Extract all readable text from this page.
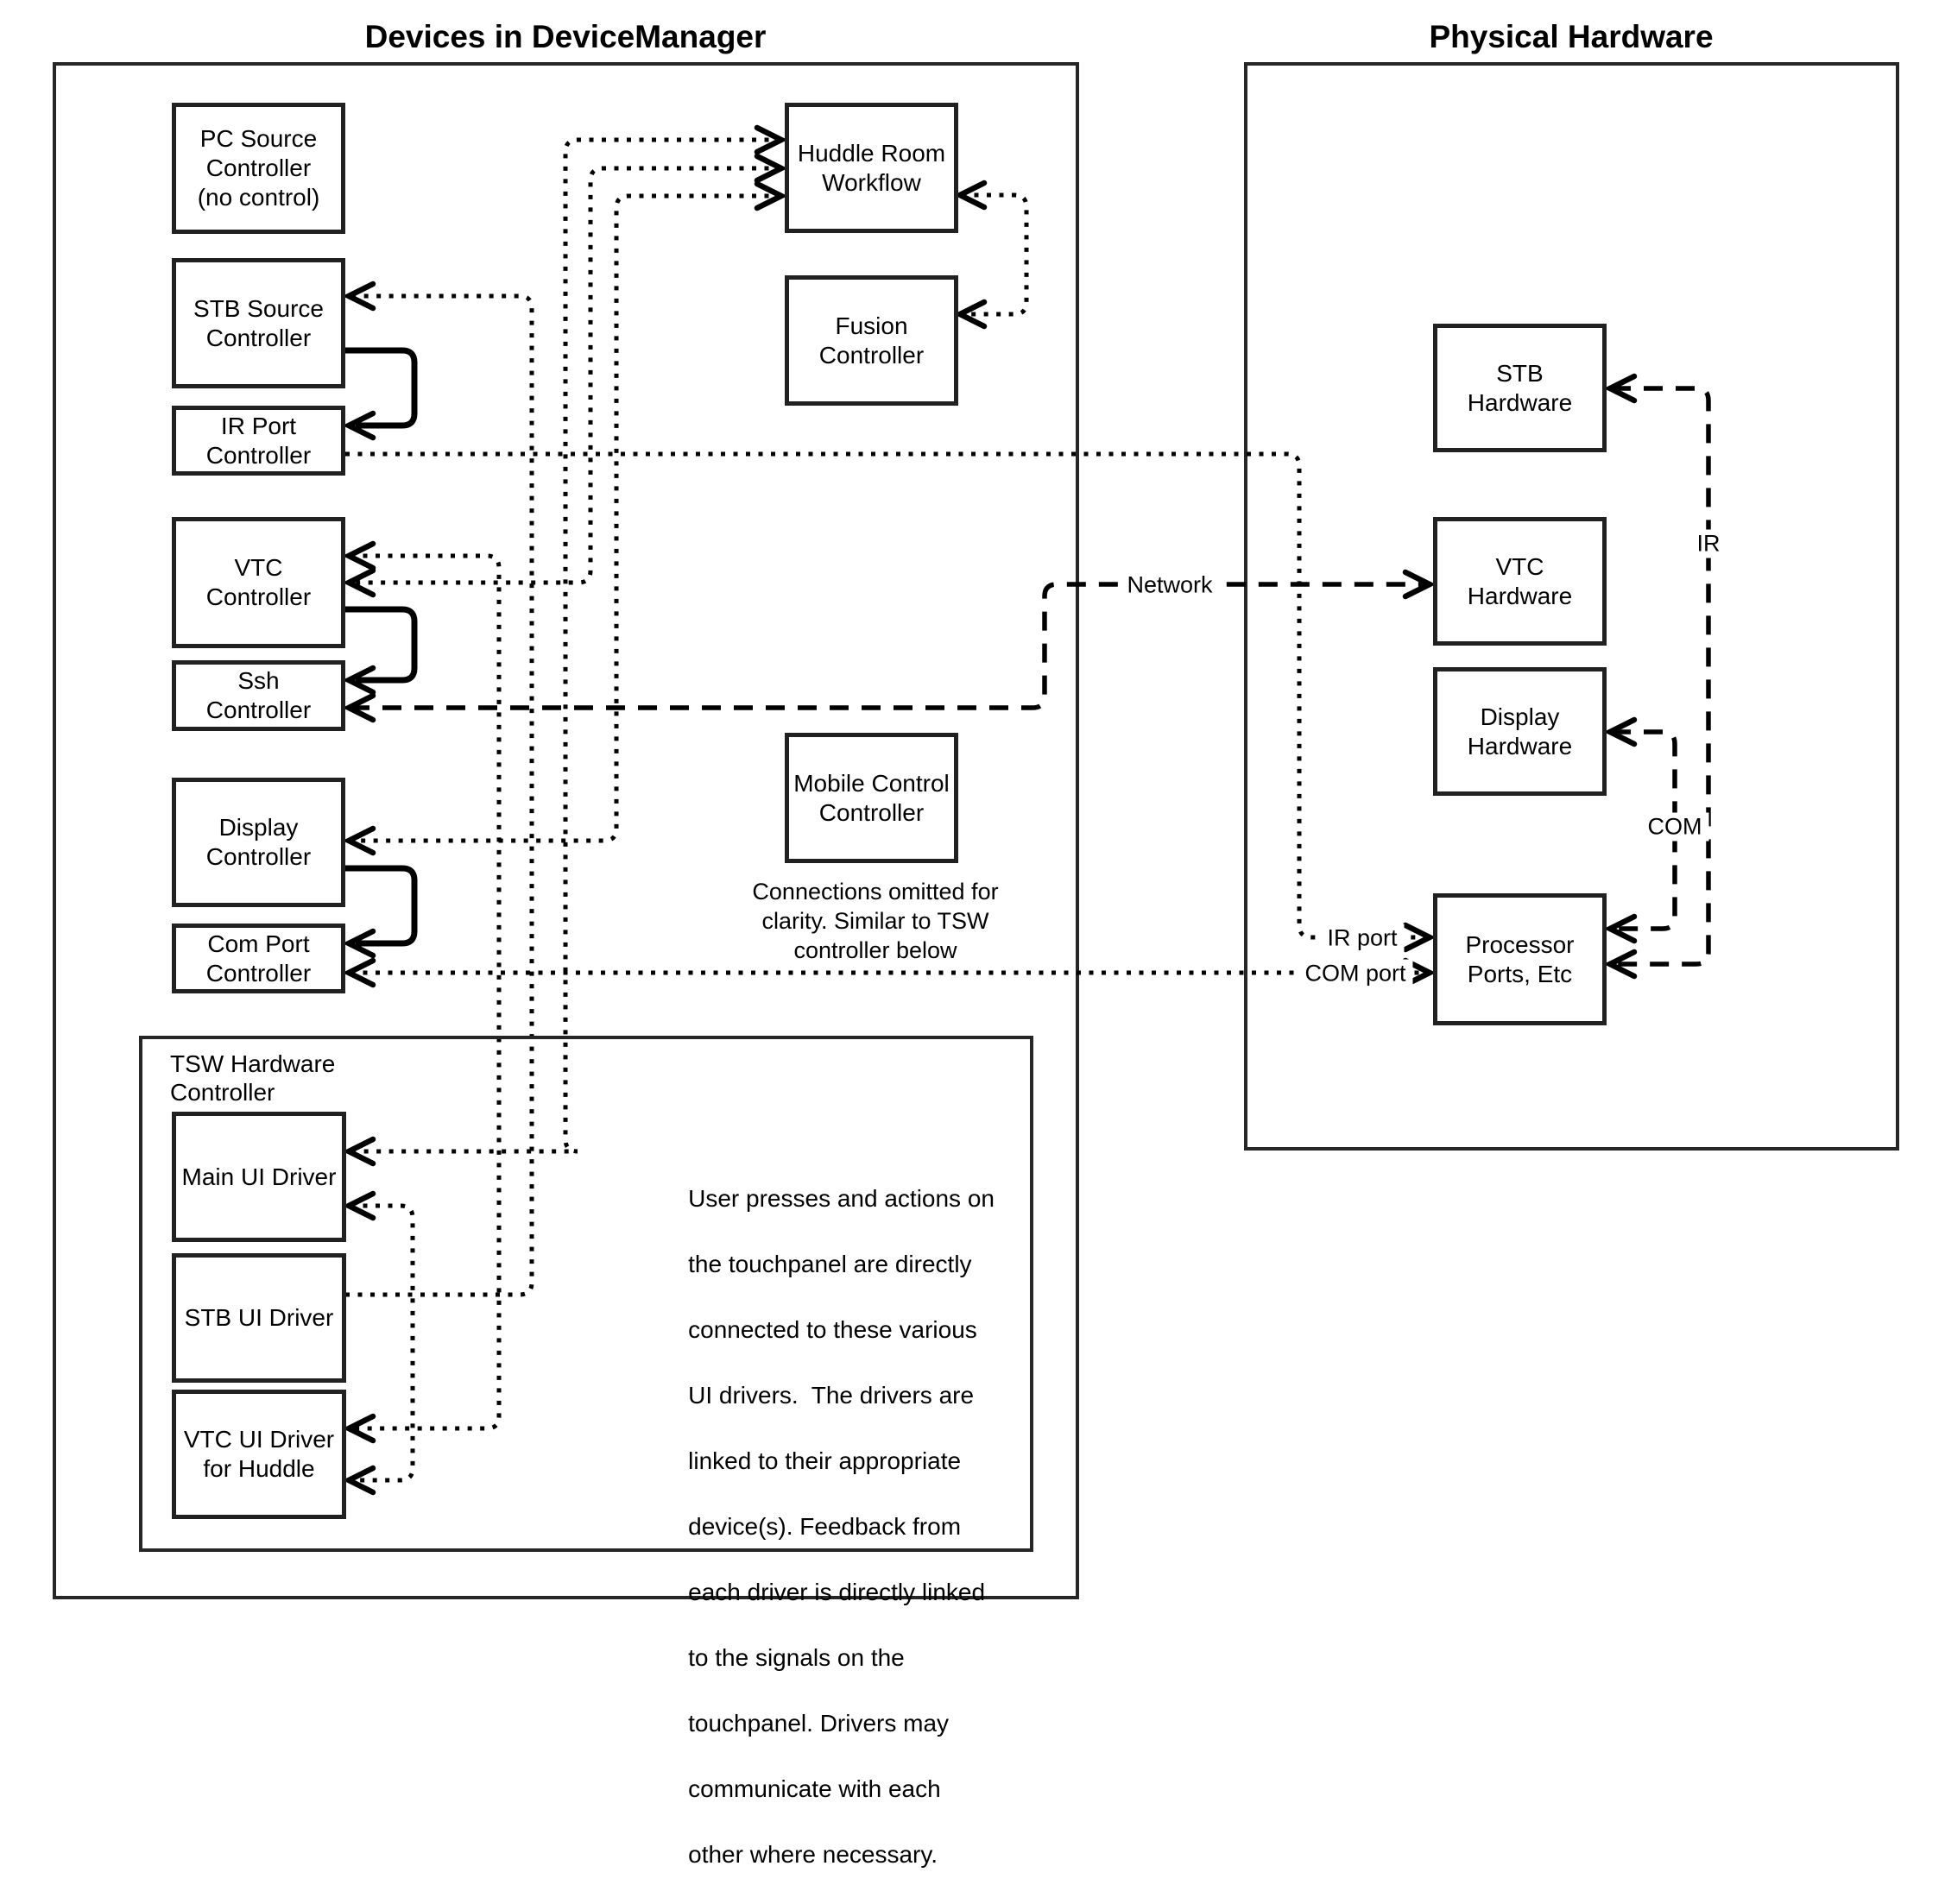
Devices in DeviceManager	Physical Hardware
TSW Hardware
Controller
PC Source
Controller
(no control)
STB Source
Controller
IR Port
Controller
VTC
Controller
Ssh
Controller
Display
Controller
Com Port
Controller
Huddle Room
Workflow
Fusion
Controller
Mobile Control
Controller
Connections omitted for
clarity. Similar to TSW
controller below
Main UI Driver
STB UI Driver
VTC UI Driver
for Huddle

User presses and actions on

the touchpanel are directly

connected to these various

UI drivers.  The drivers are

linked to their appropriate

device(s). Feedback from

each driver is directly linked

to the signals on the

touchpanel. Drivers may

communicate with each

other where necessary.

STB
Hardware
VTC
Hardware
Display
Hardware
Processor
Ports, Etc
Network
IR
COM
IR port
COM port
